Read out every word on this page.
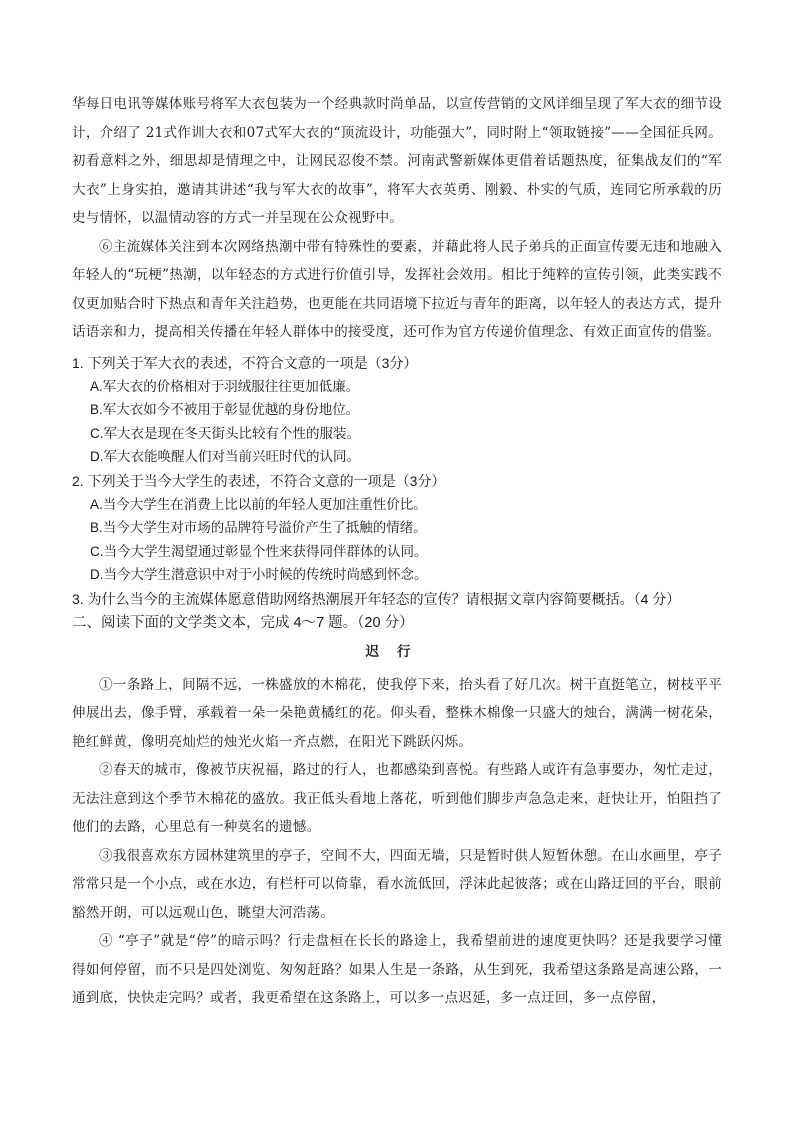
华每日电讯等媒体账号将军大衣包装为一个经典款时尚单品，以宣传营销的文风详细呈现了军大衣的细节设计，介绍了 21式作训大衣和07式军大衣的“顶流设计，功能强大”，同时附上“领取链接”——全国征兵网。初看意料之外，细思却是情理之中，让网民忍俊不禁。河南武警新媒体更借着话题热度，征集战友们的“军大衣”上身实拍，邀请其讲述“我与军大衣的故事”，将军大衣英勇、刚毅、朴实的气质，连同它所承载的历史与情怀，以温情动容的方式一并呈现在公众视野中。

⑥主流媒体关注到本次网络热潮中带有特殊性的要素，并藉此将人民子弟兵的正面宣传要无违和地融入年轻人的“玩梗”热潮，以年轻态的方式进行价值引导，发挥社会效用。相比于纯粹的宣传引领，此类实践不仅更加贴合时下热点和青年关注趋势，也更能在共同语境下拉近与青年的距离，以年轻人的表达方式，提升话语亲和力，提高相关传播在年轻人群体中的接受度，还可作为官方传递价值理念、有效正面宣传的借鉴。

1. 下列关于军大衣的表述，不符合文意的一项是（3分）

A.军大衣的价格相对于羽绒服往往更加低廉。

B.军大衣如今不被用于彰显优越的身份地位。

C.军大衣是现在冬天街头比较有个性的服装。

D.军大衣能唤醒人们对当前兴旺时代的认同。

2. 下列关于当今大学生的表述，不符合文意的一项是（3分）

A.当今大学生在消费上比以前的年轻人更加注重性价比。

B.当今大学生对市场的品牌符号溢价产生了抵触的情绪。

C.当今大学生渴望通过彰显个性来获得同伴群体的认同。

D.当今大学生潜意识中对于小时候的传统时尚感到怀念。

3. 为什么当今的主流媒体愿意借助网络热潮展开年轻态的宣传？请根据文章内容简要概括。（4 分）

二、阅读下面的文学类文本，完成 4～7 题。（20 分）

迟行

①一条路上，间隔不远，一株盛放的木棉花，使我停下来，抬头看了好几次。树干直挺笔立，树枝平平伸展出去，像手臂，承载着一朵一朵艳黄橘红的花。仰头看，整株木棉像一只盛大的烛台，满满一树花朵，艳红鲜黄，像明亮灿烂的烛光火焰一齐点燃，在阳光下跳跃闪烁。

②春天的城市，像被节庆祝福，路过的行人，也都感染到喜悦。有些路人或许有急事要办，匆忙走过，无法注意到这个季节木棉花的盛放。我正低头看地上落花，听到他们脚步声急急走来，赶快让开，怕阻挡了他们的去路，心里总有一种莫名的遗憾。

③我很喜欢东方园林建筑里的亭子，空间不大，四面无墙，只是暂时供人短暂休憩。在山水画里，亭子常常只是一个小点，或在水边，有栏杆可以倚靠，看水流低回，浮沫此起彼落；或在山路迂回的平台，眼前豁然开朗，可以远观山色，眺望大河浩荡。

④ “亭子”就是“停”的暗示吗？行走盘桓在长长的路途上，我希望前进的速度更快吗？还是我要学习懂得如何停留，而不只是四处浏览、匆匆赶路？如果人生是一条路，从生到死，我希望这条路是高速公路，一通到底，快快走完吗？或者，我更希望在这条路上，可以多一点迟延，多一点迂回，多一点停留，
